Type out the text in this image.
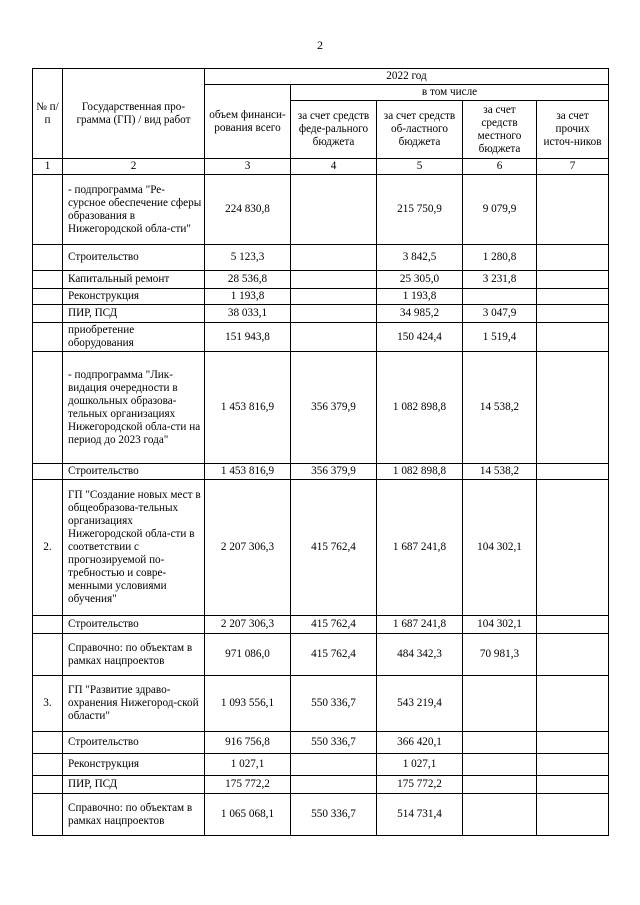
2
№ п/п	Государственная про-грамма (ГП) / вид работ	2022 год				
		объем финанси-рования всего	в том числе			
			за счет средств феде-рального бюджета	за счет средств об-ластного бюджета	за счет средств местного бюджета	за счет прочих источ-ников
1	2	3	4	5	6	7
	- подпрограмма "Ре-сурсное обеспечение сферы образования в Нижегородской обла-сти"	224 830,8		215 750,9	9 079,9	
	Строительство	5 123,3		3 842,5	1 280,8	
	Капитальный ремонт	28 536,8		25 305,0	3 231,8	
	Реконструкция	1 193,8		1 193,8		
	ПИР, ПСД	38 033,1		34 985,2	3 047,9	
	приобретение оборудования	151 943,8		150 424,4	1 519,4	
	- подпрограмма "Лик-видация очередности в дошкольных образова-тельных организациях Нижегородской обла-сти на период до 2023 года"	1 453 816,9	356 379,9	1 082 898,8	14 538,2	
	Строительство	1 453 816,9	356 379,9	1 082 898,8	14 538,2	
2.	ГП "Создание новых мест в общеобразова-тельных организациях Нижегородской обла-сти в соответствии с прогнозируемой по-требностью и совре-менными условиями обучения"	2 207 306,3	415 762,4	1 687 241,8	104 302,1	
	Строительство	2 207 306,3	415 762,4	1 687 241,8	104 302,1	
	Справочно: по объектам в рамках нацпроектов	971 086,0	415 762,4	484 342,3	70 981,3	
3.	ГП "Развитие здраво-охранения Нижегород-ской области"	1 093 556,1	550 336,7	543 219,4		
	Строительство	916 756,8	550 336,7	366 420,1		
	Реконструкция	1 027,1		1 027,1		
	ПИР, ПСД	175 772,2		175 772,2		
	Справочно: по объектам в рамках нацпроектов	1 065 068,1	550 336,7	514 731,4		
